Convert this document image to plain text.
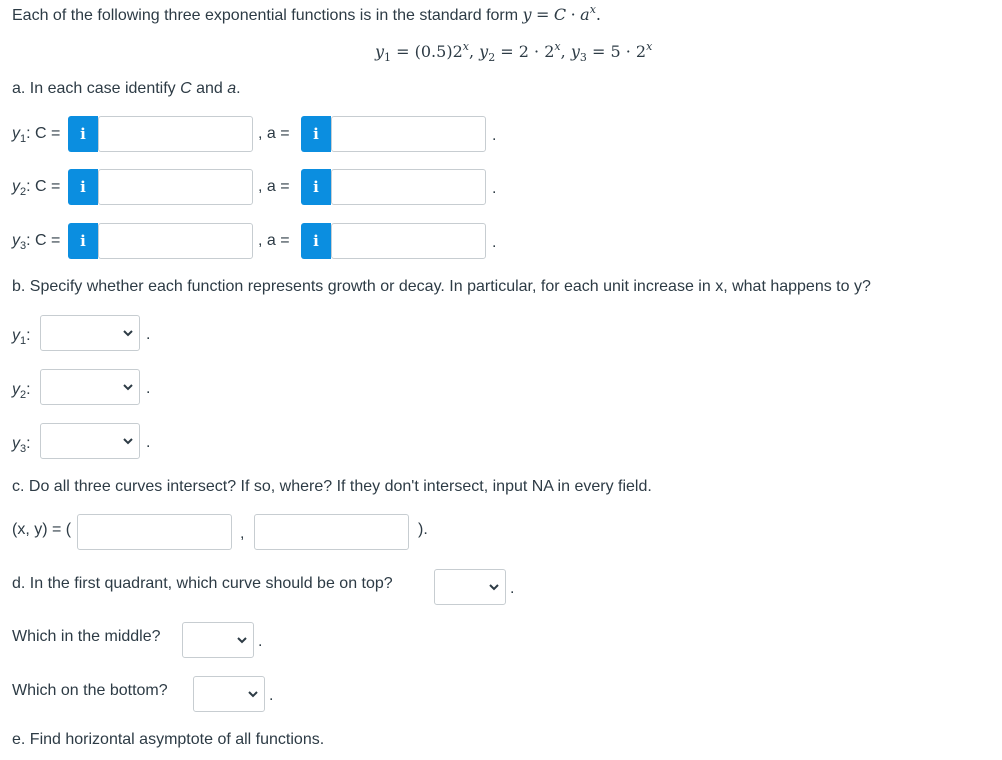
Each of the following three exponential functions is in the standard form $y = C \cdot a^x$.
$y_1 = (0.5)2^x$, $y_2 = 2 \cdot 2^x$, $y_3 = 5 \cdot 2^x$
a. In each case identify C and a.
$y_1$: C =	i	, a =	i	.
$y_2$: C =	i	, a =	i	.
$y_3$: C =	i	, a =	i	.
b. Specify whether each function represents growth or decay. In particular, for each unit increase in x, what happens to y?
$y_1$:	.
$y_2$:	.
$y_3$:	.
c. Do all three curves intersect? If so, where? If they don't intersect, input NA in every field.
(x, y) = (	,	).
d. In the first quadrant, which curve should be on top?	.
Which in the middle?	.
Which on the bottom?	.
e. Find horizontal asymptote of all functions.
